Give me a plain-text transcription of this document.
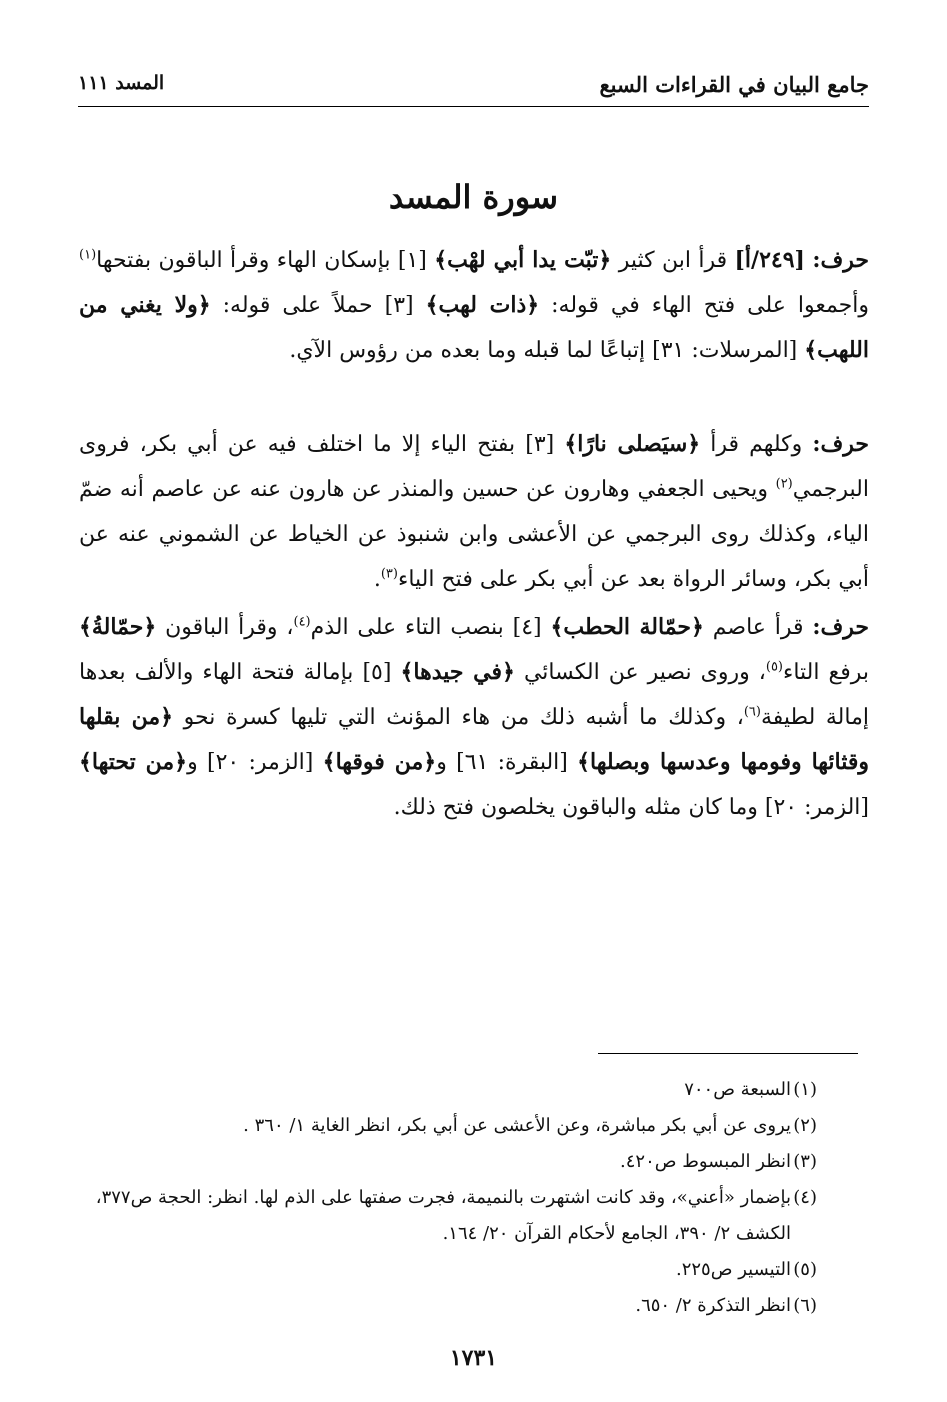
جامع البيان في القراءات السبع
المسد ١١١
سورة المسد

حرف: [٢٤٩/أ] قرأ ابن كثير ﴿تبّت يدا أبي لهْب﴾ [١] بإسكان الهاء وقرأ الباقون بفتحها$^{(١)}$ وأجمعوا على فتح الهاء في قوله: ﴿ذات لهب﴾ [٣] حملاً على قوله: ﴿ولا يغني من اللهب﴾ [المرسلات: ٣١] إتباعًا لما قبله وما بعده من رؤوس الآي.

حرف: وكلهم قرأ ﴿سيَصلى نارًا﴾ [٣] بفتح الياء إلا ما اختلف فيه عن أبي بكر، فروى البرجمي$^{(٢)}$ ويحيى الجعفي وهارون عن حسين والمنذر عن هارون عنه عن عاصم أنه ضمّ الياء، وكذلك روى البرجمي عن الأعشى وابن شنبوذ عن الخياط عن الشموني عنه عن أبي بكر، وسائر الرواة بعد عن أبي بكر على فتح الياء$^{(٣)}$.

حرف: قرأ عاصم ﴿حمّالة الحطب﴾ [٤] بنصب التاء على الذم$^{(٤)}$، وقرأ الباقون ﴿حمّالةُ﴾ برفع التاء$^{(٥)}$، وروى نصير عن الكسائي ﴿في جيدها﴾ [٥] بإمالة فتحة الهاء والألف بعدها إمالة لطيفة$^{(٦)}$، وكذلك ما أشبه ذلك من هاء المؤنث التي تليها كسرة نحو ﴿من بقلها وقثائها وفومها وعدسها وبصلها﴾ [البقرة: ٦١] و﴿من فوقها﴾ [الزمر: ٢٠] و﴿من تحتها﴾ [الزمر: ٢٠] وما كان مثله والباقون يخلصون فتح ذلك.

(١)
السبعة ص٧٠٠
(٢)
يروى عن أبي بكر مباشرة، وعن الأعشى عن أبي بكر، انظر الغاية ١/ ٣٦٠ .
(٣)
انظر المبسوط ص٤٢٠.
(٤)
بإضمار «أعني»، وقد كانت اشتهرت بالنميمة، فجرت صفتها على الذم لها. انظر: الحجة ص٣٧٧، الكشف ٢/ ٣٩٠، الجامع لأحكام القرآن ٢٠/ ١٦٤.
(٥)
التيسير ص٢٢٥.
(٦)
انظر التذكرة ٢/ ٦٥٠.
١٧٣١
